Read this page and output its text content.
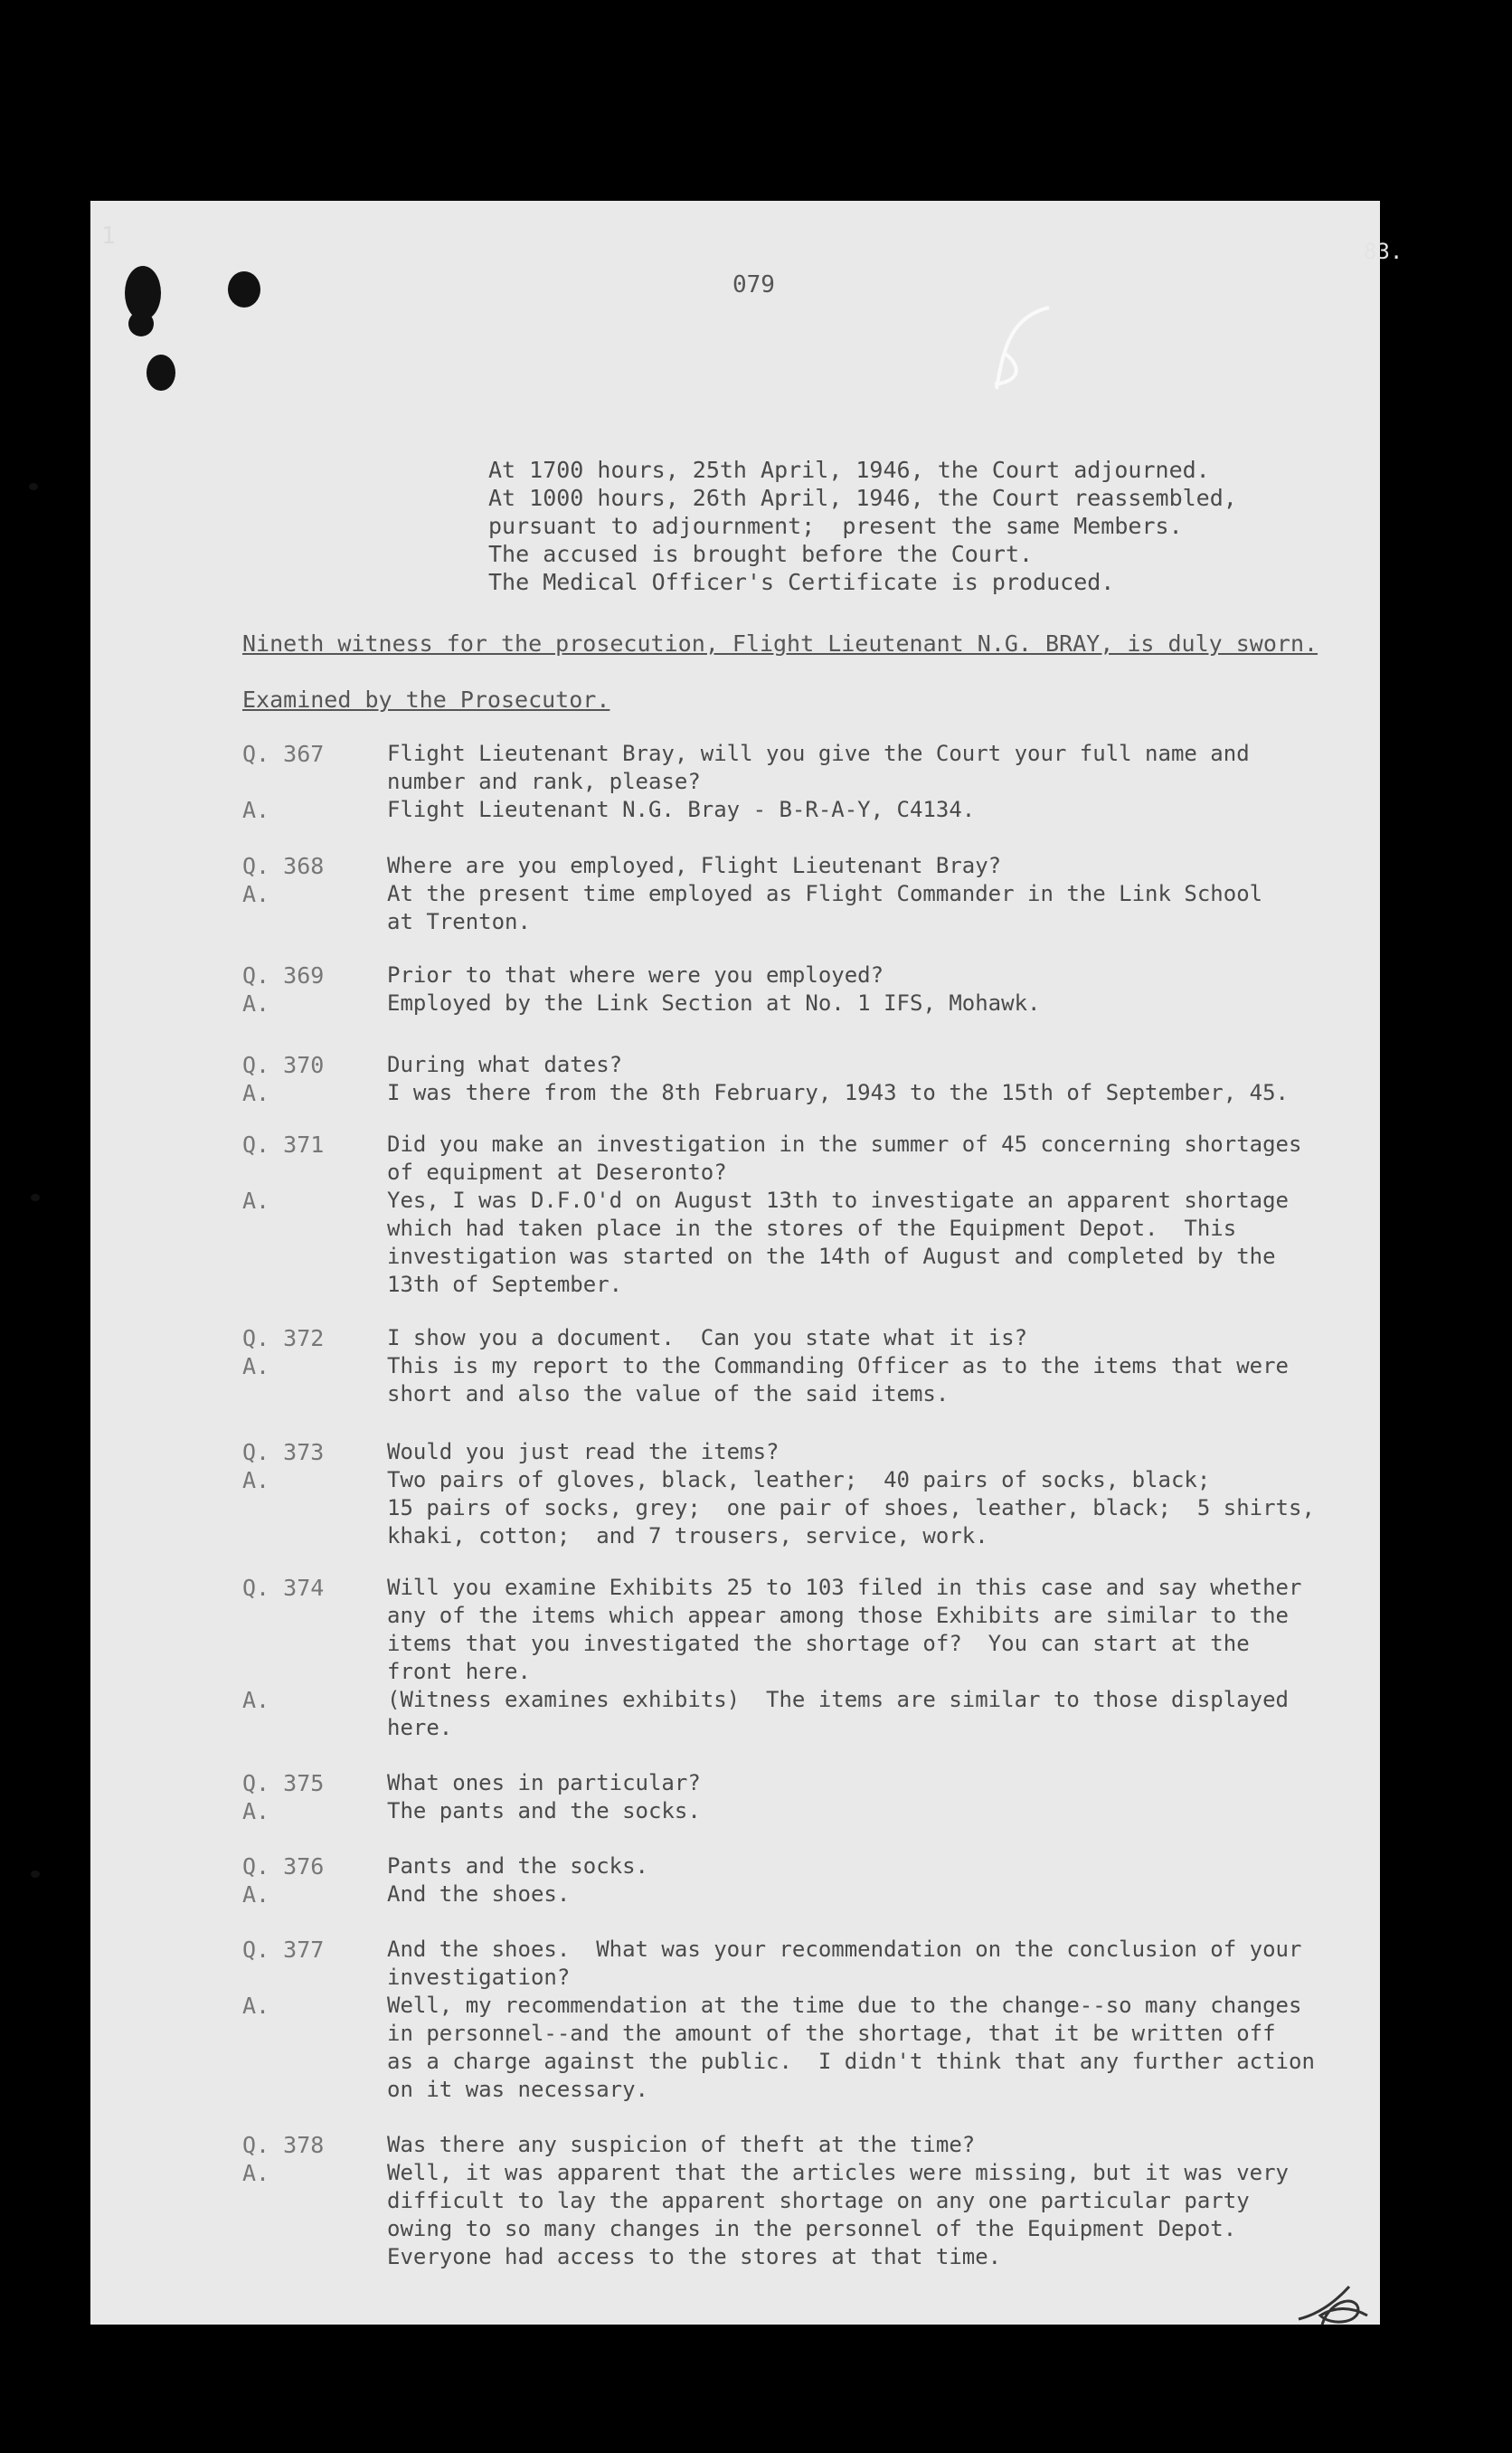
1
83.
079
At 1700 hours, 25th April, 1946, the Court adjourned.
At 1000 hours, 26th April, 1946, the Court reassembled,
pursuant to adjournment;  present the same Members.
The accused is brought before the Court.
The Medical Officer's Certificate is produced.
Nineth witness for the prosecution, Flight Lieutenant N.G. BRAY, is duly sworn.
Examined by the Prosecutor.
Q. 367	Flight Lieutenant Bray, will you give the Court your full name and
number and rank, please?
A.	Flight Lieutenant N.G. Bray - B-R-A-Y, C4134.
Q. 368	Where are you employed, Flight Lieutenant Bray?
A.	At the present time employed as Flight Commander in the Link School
at Trenton.
Q. 369	Prior to that where were you employed?
A.	Employed by the Link Section at No. 1 IFS, Mohawk.
Q. 370	During what dates?
A.	I was there from the 8th February, 1943 to the 15th of September, 45.
Q. 371	Did you make an investigation in the summer of 45 concerning shortages
of equipment at Deseronto?
A.	Yes, I was D.F.O'd on August 13th to investigate an apparent shortage
which had taken place in the stores of the Equipment Depot.  This
investigation was started on the 14th of August and completed by the
13th of September.
Q. 372	I show you a document.  Can you state what it is?
A.	This is my report to the Commanding Officer as to the items that were
short and also the value of the said items.
Q. 373	Would you just read the items?
A.	Two pairs of gloves, black, leather;  40 pairs of socks, black;
15 pairs of socks, grey;  one pair of shoes, leather, black;  5 shirts,
khaki, cotton;  and 7 trousers, service, work.
Q. 374	Will you examine Exhibits 25 to 103 filed in this case and say whether
any of the items which appear among those Exhibits are similar to the
items that you investigated the shortage of?  You can start at the
front here.
A.	(Witness examines exhibits)  The items are similar to those displayed
here.
Q. 375	What ones in particular?
A.	The pants and the socks.
Q. 376	Pants and the socks.
A.	And the shoes.
Q. 377	And the shoes.  What was your recommendation on the conclusion of your
investigation?
A.	Well, my recommendation at the time due to the change--so many changes
in personnel--and the amount of the shortage, that it be written off
as a charge against the public.  I didn't think that any further action
on it was necessary.
Q. 378	Was there any suspicion of theft at the time?
A.	Well, it was apparent that the articles were missing, but it was very
difficult to lay the apparent shortage on any one particular party
owing to so many changes in the personnel of the Equipment Depot.
Everyone had access to the stores at that time.
